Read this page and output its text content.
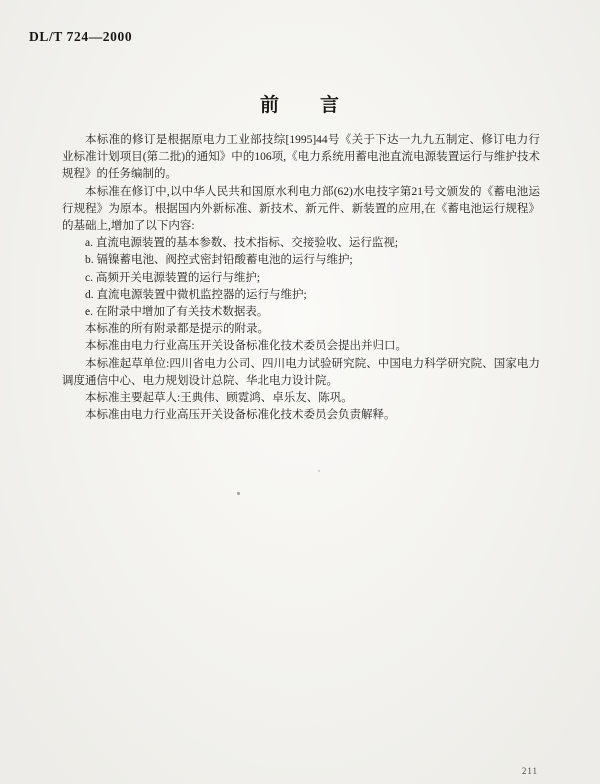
DL/T 724—2000
前　　言

本标准的修订是根据原电力工业部技综[1995]44号《关于下达一九九五制定、修订电力行业标准计划项目(第二批)的通知》中的106项,《电力系统用蓄电池直流电源装置运行与维护技术规程》的任务编制的。

本标准在修订中,以中华人民共和国原水利电力部(62)水电技字第21号文颁发的《蓄电池运行规程》为原本。根据国内外新标准、新技术、新元件、新装置的应用,在《蓄电池运行规程》的基础上,增加了以下内容:

a. 直流电源装置的基本参数、技术指标、交接验收、运行监视;

b. 镉镍蓄电池、阀控式密封铅酸蓄电池的运行与维护;

c. 高频开关电源装置的运行与维护;

d. 直流电源装置中微机监控器的运行与维护;

e. 在附录中增加了有关技术数据表。

本标准的所有附录都是提示的附录。

本标准由电力行业高压开关设备标准化技术委员会提出并归口。

本标准起草单位:四川省电力公司、四川电力试验研究院、中国电力科学研究院、国家电力调度通信中心、电力规划设计总院、华北电力设计院。

本标准主要起草人:王典伟、顾霓鸿、卓乐友、陈巩。

本标准由电力行业高压开关设备标准化技术委员会负责解释。

211
